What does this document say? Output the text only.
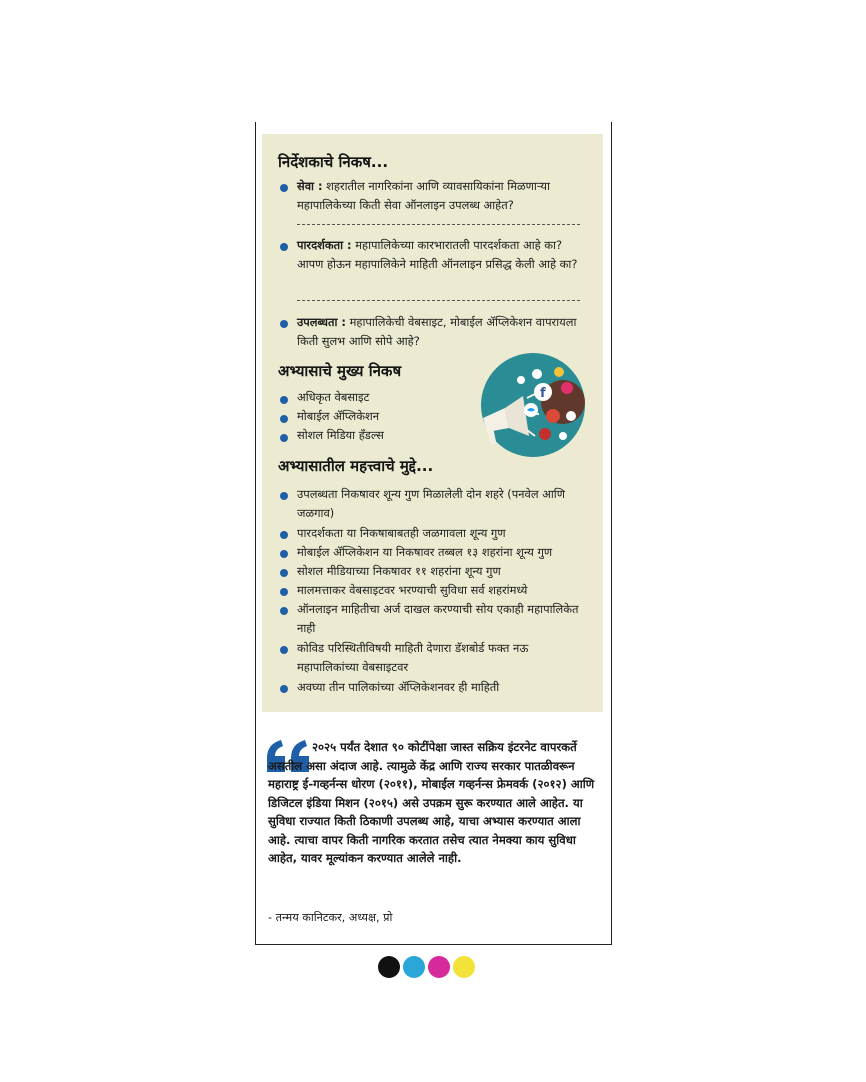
निर्देशकाचे निकष...
सेवा : शहरातील नागरिकांना आणि व्यावसायिकांना मिळणाऱ्या महापालिकेच्या किती सेवा ऑनलाइन उपलब्ध आहेत?
पारदर्शकता : महापालिकेच्या कारभारातली पारदर्शकता आहे का? आपण होऊन महापालिकेने माहिती ऑनलाइन प्रसिद्ध केली आहे का?
उपलब्धता : महापालिकेची वेबसाइट, मोबाईल ॲप्लिकेशन वापरायला किती सुलभ आणि सोपे आहे?
अभ्यासाचे मुख्य निकष
अधिकृत वेबसाइट
मोबाईल ॲप्लिकेशन
सोशल मिडिया हँडल्स
f
अभ्यासातील महत्त्वाचे मुद्दे...
उपलब्धता निकषावर शून्य गुण मिळालेली दोन शहरे (पनवेल आणि जळगाव)
पारदर्शकता या निकषाबाबतही जळगावला शून्य गुण
मोबाईल ॲप्लिकेशन या निकषावर तब्बल १३ शहरांना शून्य गुण
सोशल मीडियाच्या निकषावर ११ शहरांना शून्य गुण
मालमत्ताकर वेबसाइटवर भरण्याची सुविधा सर्व शहरांमध्ये
ऑनलाइन माहितीचा अर्ज दाखल करण्याची सोय एकाही महापालिकेत नाही
कोविड परिस्थितीविषयी माहिती देणारा डॅशबोर्ड फक्त नऊ महापालिकांच्या वेबसाइटवर
अवघ्या तीन पालिकांच्या ॲप्लिकेशनवर ही माहिती
२०२५ पर्यंत देशात ९० कोटींपेक्षा जास्त सक्रिय इंटरनेट वापरकर्ते असतील असा अंदाज आहे. त्यामुळे केंद्र आणि राज्य सरकार पातळीवरून महाराष्ट्र ई-गव्हर्नन्स धोरण (२०११), मोबाईल गव्हर्नन्स फ्रेमवर्क (२०१२) आणि डिजिटल इंडिया मिशन (२०१५) असे उपक्रम सुरू करण्यात आले आहेत. या सुविधा राज्यात किती ठिकाणी उपलब्ध आहे, याचा अभ्यास करण्यात आला आहे. त्याचा वापर किती नागरिक करतात तसेच त्यात नेमक्या काय सुविधा आहेत, यावर मूल्यांकन करण्यात आलेले नाही.
- तन्मय कानिटकर, अध्यक्ष, प्रो
